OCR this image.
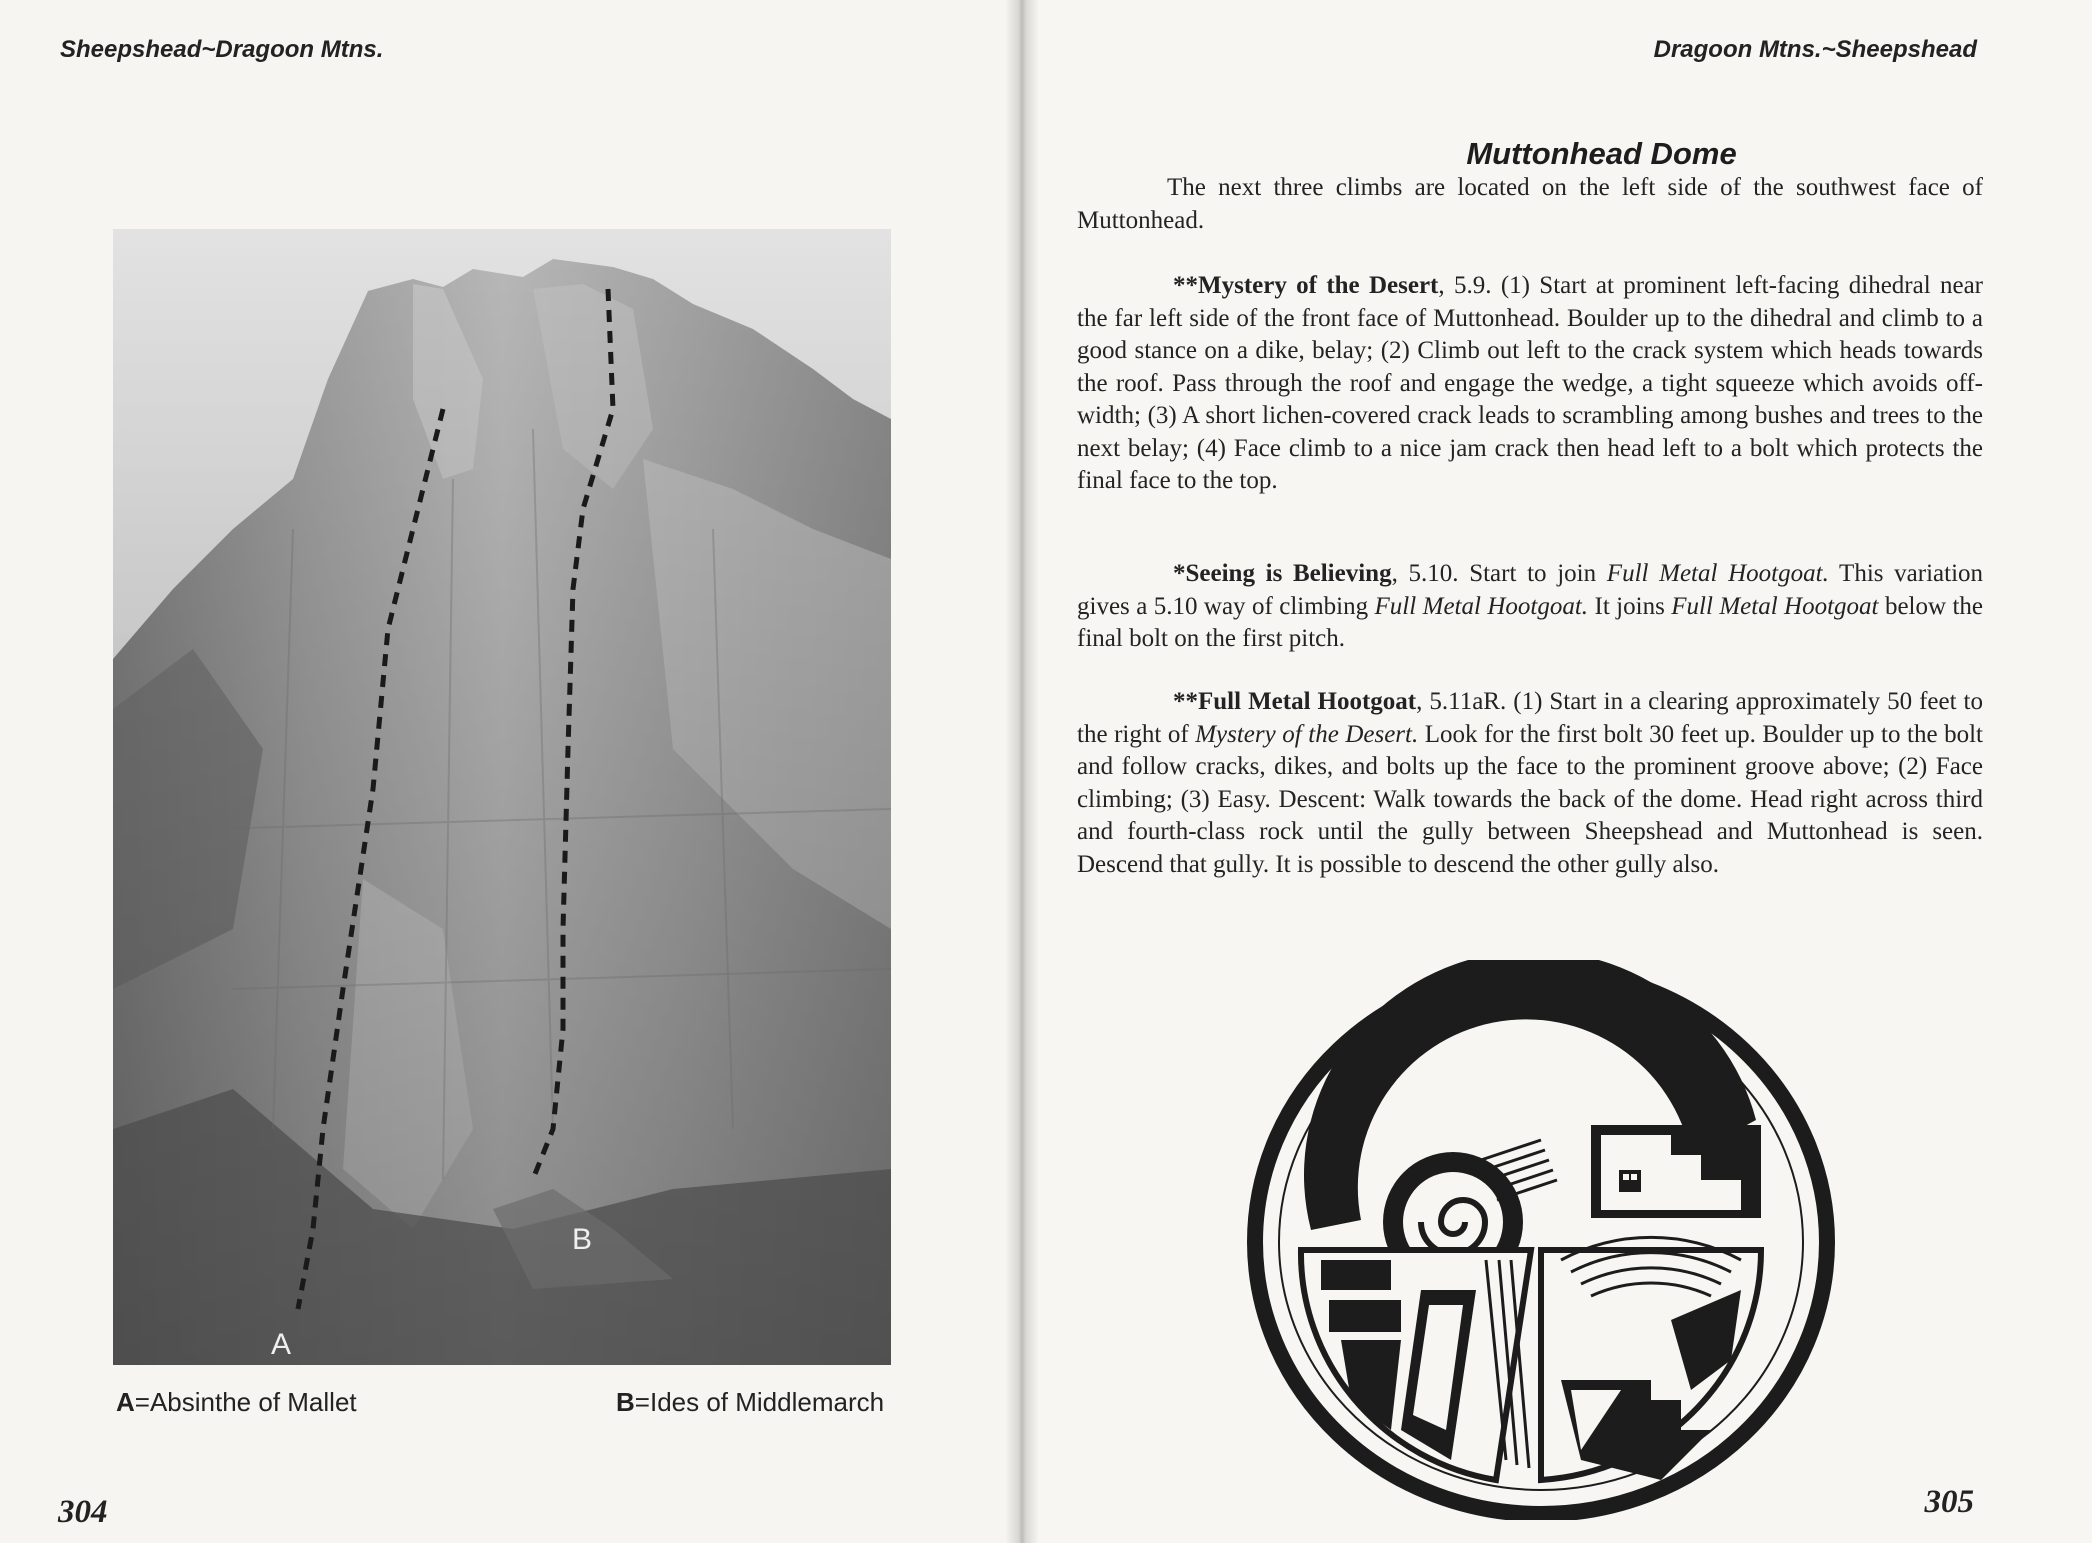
Sheepshead~Dragoon Mtns.
A
B
A=Absinthe of Mallet	B=Ides of Middlemarch
304
Dragoon Mtns.~Sheepshead
Muttonhead Dome

The next three climbs are located on the left side of the southwest face of Muttonhead.

**Mystery of the Desert, 5.9. (1) Start at prominent left-facing dihedral near the far left side of the front face of Muttonhead. Boulder up to the dihedral and climb to a good stance on a dike, belay; (2) Climb out left to the crack system which heads towards the roof. Pass through the roof and engage the wedge, a tight squeeze which avoids off-width; (3) A short lichen-covered crack leads to scrambling among bushes and trees to the next belay; (4) Face climb to a nice jam crack then head left to a bolt which protects the final face to the top.

*Seeing is Believing, 5.10. Start to join Full Metal Hootgoat. This variation gives a 5.10 way of climbing Full Metal Hootgoat. It joins Full Metal Hootgoat below the final bolt on the first pitch.

**Full Metal Hootgoat, 5.11aR. (1) Start in a clearing approximately 50 feet to the right of Mystery of the Desert. Look for the first bolt 30 feet up. Boulder up to the bolt and follow cracks, dikes, and bolts up the face to the prominent groove above; (2) Face climbing; (3) Easy. Descent: Walk towards the back of the dome. Head right across third and fourth-class rock until the gully between Sheepshead and Muttonhead is seen. Descend that gully. It is possible to descend the other gully also.

305
